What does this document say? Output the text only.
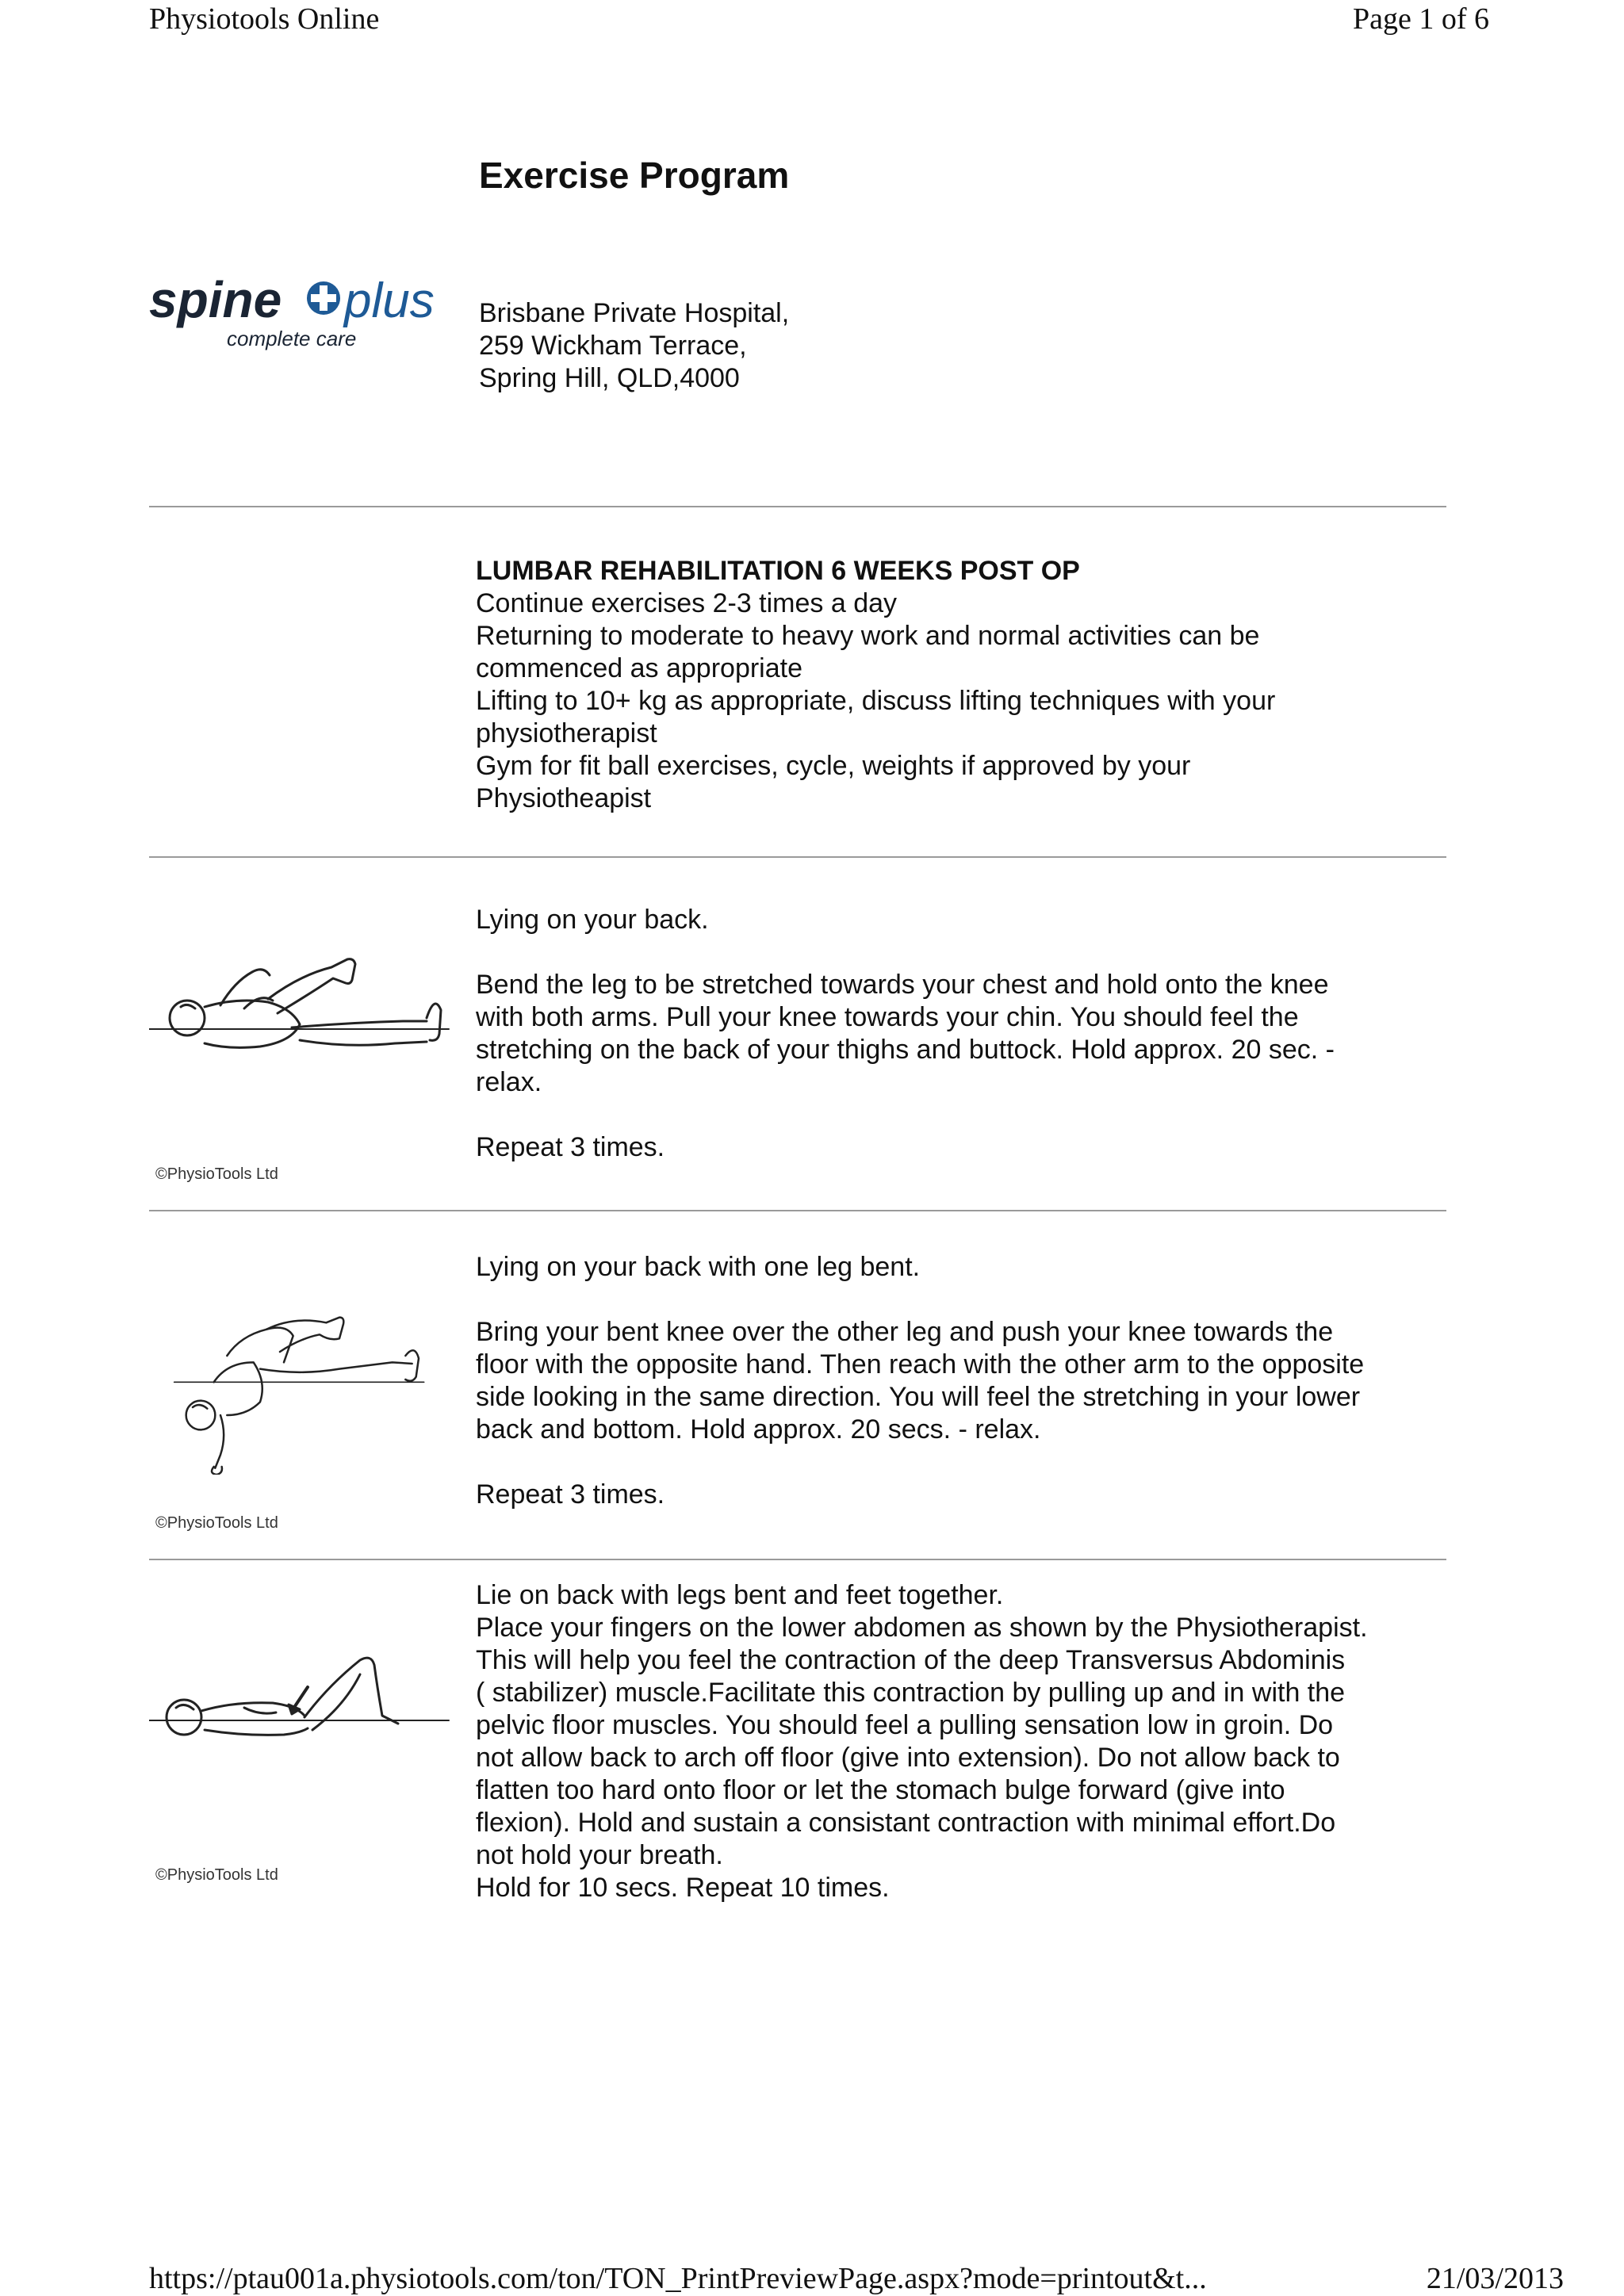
Physiotools Online	Page 1 of 6
Exercise Program
spine plus
complete care
Brisbane Private Hospital,
259 Wickham Terrace,
Spring Hill, QLD,4000
LUMBAR REHABILITATION 6 WEEKS POST OP
Continue exercises 2-3 times a day
Returning to moderate to heavy work and normal activities can be
commenced as appropriate
Lifting to 10+ kg as appropriate, discuss lifting techniques with your
physiotherapist
Gym for fit ball exercises, cycle, weights if approved by your
Physiotheapist
Lying on your back.
Bend the leg to be stretched towards your chest and hold onto the knee
with both arms. Pull your knee towards your chin. You should feel the
stretching on the back of your thighs and buttock. Hold approx. 20 sec. -
relax.
Repeat 3 times.
©PhysioTools Ltd
Lying on your back with one leg bent.
Bring your bent knee over the other leg and push your knee towards the
floor with the opposite hand. Then reach with the other arm to the opposite
side looking in the same direction. You will feel the stretching in your lower
back and bottom. Hold approx. 20 secs. - relax.
Repeat 3 times.
©PhysioTools Ltd
Lie on back with legs bent and feet together.
Place your fingers on the lower abdomen as shown by the Physiotherapist.
This will help you feel the contraction of the deep Transversus Abdominis
( stabilizer) muscle.Facilitate this contraction by pulling up and in with the
pelvic floor muscles. You should feel a pulling sensation low in groin. Do
not allow back to arch off floor (give into extension). Do not allow back to
flatten too hard onto floor or let the stomach bulge forward (give into
flexion). Hold and sustain a consistant contraction with minimal effort.Do
not hold your breath.
Hold for 10 secs. Repeat 10 times.
©PhysioTools Ltd
https://ptau001a.physiotools.com/ton/TON_PrintPreviewPage.aspx?mode=printout&t...	21/03/2013
